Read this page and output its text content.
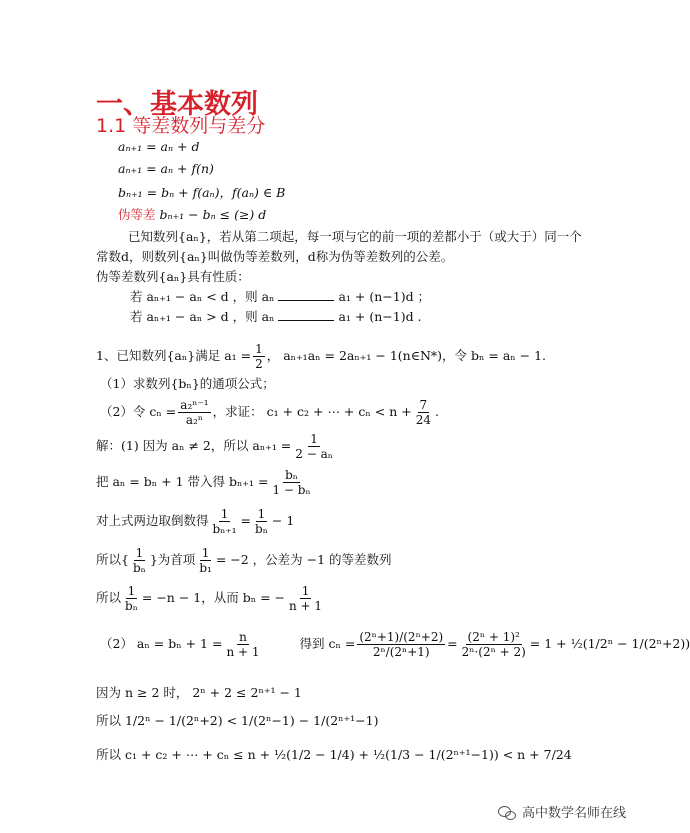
一、基本数列
1.1 等差数列与差分
aₙ₊₁ = aₙ + d
aₙ₊₁ = aₙ + f(n)
bₙ₊₁ = bₙ + f(aₙ)，f(aₙ) ∈ B
伪等差 bₙ₊₁ − bₙ ≤ (≥) d
已知数列{aₙ}，若从第二项起，每一项与它的前一项的差都小于（或大于）同一个
常数d，则数列{aₙ}叫做伪等差数列，d称为伪等差数列的公差。
伪等差数列{aₙ}具有性质：
若 aₙ₊₁ − aₙ < d ，则 aₙ	a₁ + (n−1)d ；
若 aₙ₊₁ − aₙ > d ，则 aₙ	a₁ + (n−1)d .
1、已知数列{aₙ}满足 $a_1 = \frac{1}{2}$ ， aₙ₊₁aₙ = 2aₙ₊₁ − 1(n∈N*)，令 bₙ = aₙ − 1.
（1）求数列{bₙ}的通项公式；
（2）令 $c_n = \frac{\text{a₂ⁿ⁻¹}}{\text{a₂ⁿ}}$ ，求证： c₁ + c₂ + ⋯ + $c_n < n + \frac{7}{24}$ .
解：(1) 因为 aₙ ≠ 2，所以 $a_{n+1} = \frac{1}{\text{2 − aₙ}}$
把 aₙ = bₙ + 1 带入得 $b_{n+1} = \frac{\text{bₙ}}{\text{1 − bₙ}}$
对上式两边取倒数得 $\frac{1}{\text{bₙ₊₁}} = \frac{1}{\text{bₙ}} - 1$
所以{ $\frac{1}{\text{bₙ}}$ }为首项 $\frac{1}{\text{b₁}} = -2$ ，公差为 −1 的等差数列
所以 $\frac{1}{\text{bₙ}} = -n - 1$，从而 bₙ = − $\frac{1}{n + 1}$
（2） $a_n = b_n + 1 = \frac{n}{n + 1}$	得到 $c_n = \frac{\text{(2ⁿ+1)/(2ⁿ+2)}}{\text{2ⁿ/(2ⁿ+1)}} = \frac{\text{(2ⁿ + 1)²}}{\text{2ⁿ·(2ⁿ + 2)}} = 1$ + ½(1/2ⁿ − 1/(2ⁿ+2))
因为 n ≥ 2 时， 2ⁿ + 2 ≤ 2ⁿ⁺¹ − 1
所以 1/2ⁿ − 1/(2ⁿ+2) < 1/(2ⁿ−1) − 1/(2ⁿ⁺¹−1)
所以 c₁ + c₂ + ⋯ + cₙ ≤ n + ½(1/2 − 1/4) + ½(1/3 − 1/(2ⁿ⁺¹−1)) < n + 7/24
高中数学名师在线
